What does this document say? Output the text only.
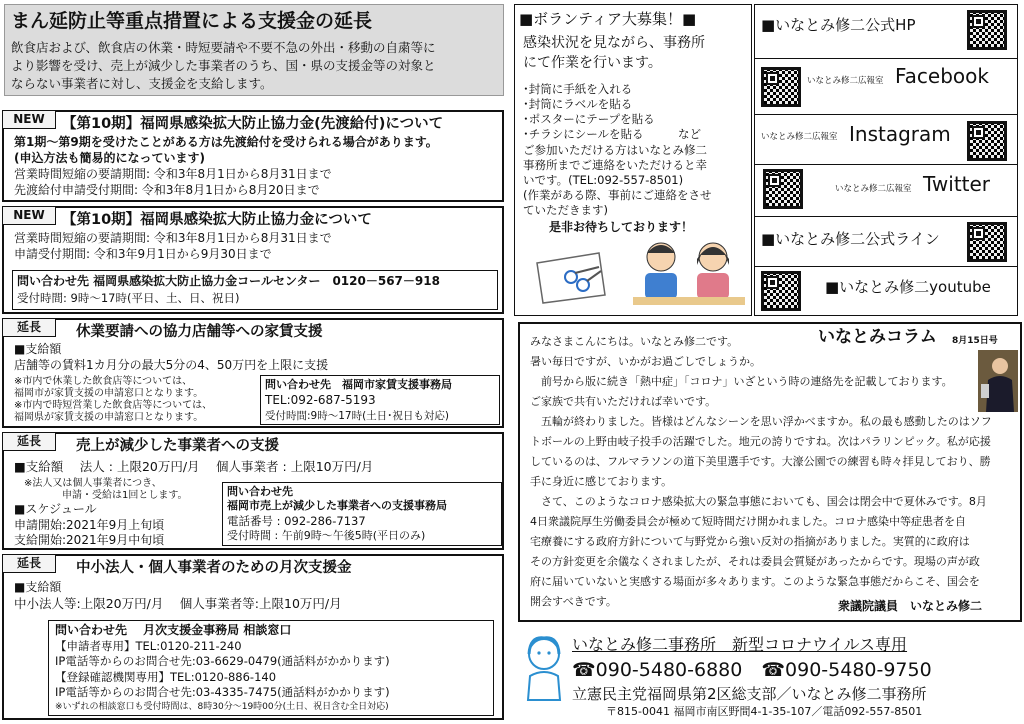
まん延防止等重点措置による支援金の延長
飲食店および、飲食店の休業・時短要請や不要不急の外出・移動の自粛等に
より影響を受け、売上が減少した事業者のうち、国・県の支援金等の対象と
ならない事業者に対し、支援金を支給します。
【第10期】福岡県感染拡大防止協力金(先渡給付)について
第1期～第9期を受けたことがある方は先渡給付を受けられる場合があります。
(申込方法も簡易的になっています)
営業時間短縮の要請期間: 令和3年8月1日から8月31日まで
先渡給付申請受付期間: 令和3年8月1日から8月20日まで
NEW
【第10期】福岡県感染拡大防止協力金について
営業時間短縮の要請期間: 令和3年8月1日から8月31日まで
申請受付期間: 令和3年9月1日から9月30日まで
問い合わせ先 福岡県感染拡大防止協力金コールセンター　0120－567－918
受付時間: 9時～17時(平日、土、日、祝日)
NEW
休業要請への協力店舗等への家賃支援
■支給額
店舗等の賃料1カ月分の最大5分の4、50万円を上限に支援
※市内で休業した飲食店等については、
福岡市が家賃支援の申請窓口となります。
※市内で時短営業した飲食店等については、
福岡県が家賃支援の申請窓口となります。
問い合わせ先　福岡市家賃支援事務局
TEL:092-687-5193
受付時間:9時～17時(土日･祝日も対応)
延長
売上が減少した事業者への支援
■支給額　 法人 : 上限20万円/月　 個人事業者 : 上限10万円/月
※法人又は個人事業者につき、
申請・受給は1回とします。
■スケジュール
申請開始:2021年9月上旬頃
支給開始:2021年9月中旬頃
問い合わせ先
福岡市売上が減少した事業者への支援事務局
電話番号 : 092-286-7137
受付時間 : 午前9時～午後5時(平日のみ)
延長
中小法人・個人事業者のための月次支援金
■支給額
中小法人等:上限20万円/月　 個人事業者等:上限10万円/月
問い合わせ先　 月次支援金事務局 相談窓口
【申請者専用】TEL:0120-211-240
IP電話等からのお問合せ先:03-6629-0479(通話料がかかります)
【登録確認機関専用】TEL:0120-886-140
IP電話等からのお問合せ先:03-4335-7475(通話料がかかります)
※いずれの相談窓口も受付時間は、8時30分～19時00分(土日、祝日含む全日対応)
延長
■ボランティア大募集！■
感染状況を見ながら、事務所
にて作業を行います。
･封筒に手紙を入れる
･封筒にラベルを貼る
･ポスターにテープを貼る
･チラシにシールを貼る　　　など
ご参加いただける方はいなとみ修二
事務所までご連絡をいただけると幸
いです。(TEL:092-557-8501)
(作業がある際、事前にご連絡をさせ
ていただきます)
是非お待ちしております！
■いなとみ修二公式HP
いなとみ修二広報室 Facebook
いなとみ修二広報室 Instagram
いなとみ修二広報室 Twitter
■いなとみ修二公式ライン
■いなとみ修二youtube
いなとみコラム 8月15日号
みなさまこんにちは。いなとみ修二です。
暑い毎日ですが、いかがお過ごしでしょうか。
　前号から版に続き「熱中症」「コロナ」いざという時の連絡先を記載しております。
ご家族で共有いただければ幸いです。
　五輪が終わりました。皆様はどんなシーンを思い浮かべますか。私の最も感動したのはソフ
トボールの上野由岐子投手の活躍でした。地元の誇りですね。次はパラリンピック。私が応援
しているのは、フルマラソンの道下美里選手です。大濠公園での練習も時々拝見しており、勝
手に身近に感じております。
　さて、このようなコロナ感染拡大の緊急事態においても、国会は閉会中で夏休みです。8月
4日衆議院厚生労働委員会が極めて短時間だけ開かれました。コロナ感染中等症患者を自
宅療養にする政府方針について与野党から強い反対の指摘がありました。実質的に政府は
その方針変更を余儀なくされましたが、それは委員会質疑があったからです。現場の声が政
府に届いていないと実感する場面が多々あります。このような緊急事態だからこそ、国会を
開会すべきです。	衆議院議員　いなとみ修二
いなとみ修二事務所　新型コロナウイルス専用
☎090-5480-6880　☎090-5480-9750
立憲民主党福岡県第2区総支部／いなとみ修二事務所
〒815-0041 福岡市南区野間4-1-35-107／電話092-557-8501
